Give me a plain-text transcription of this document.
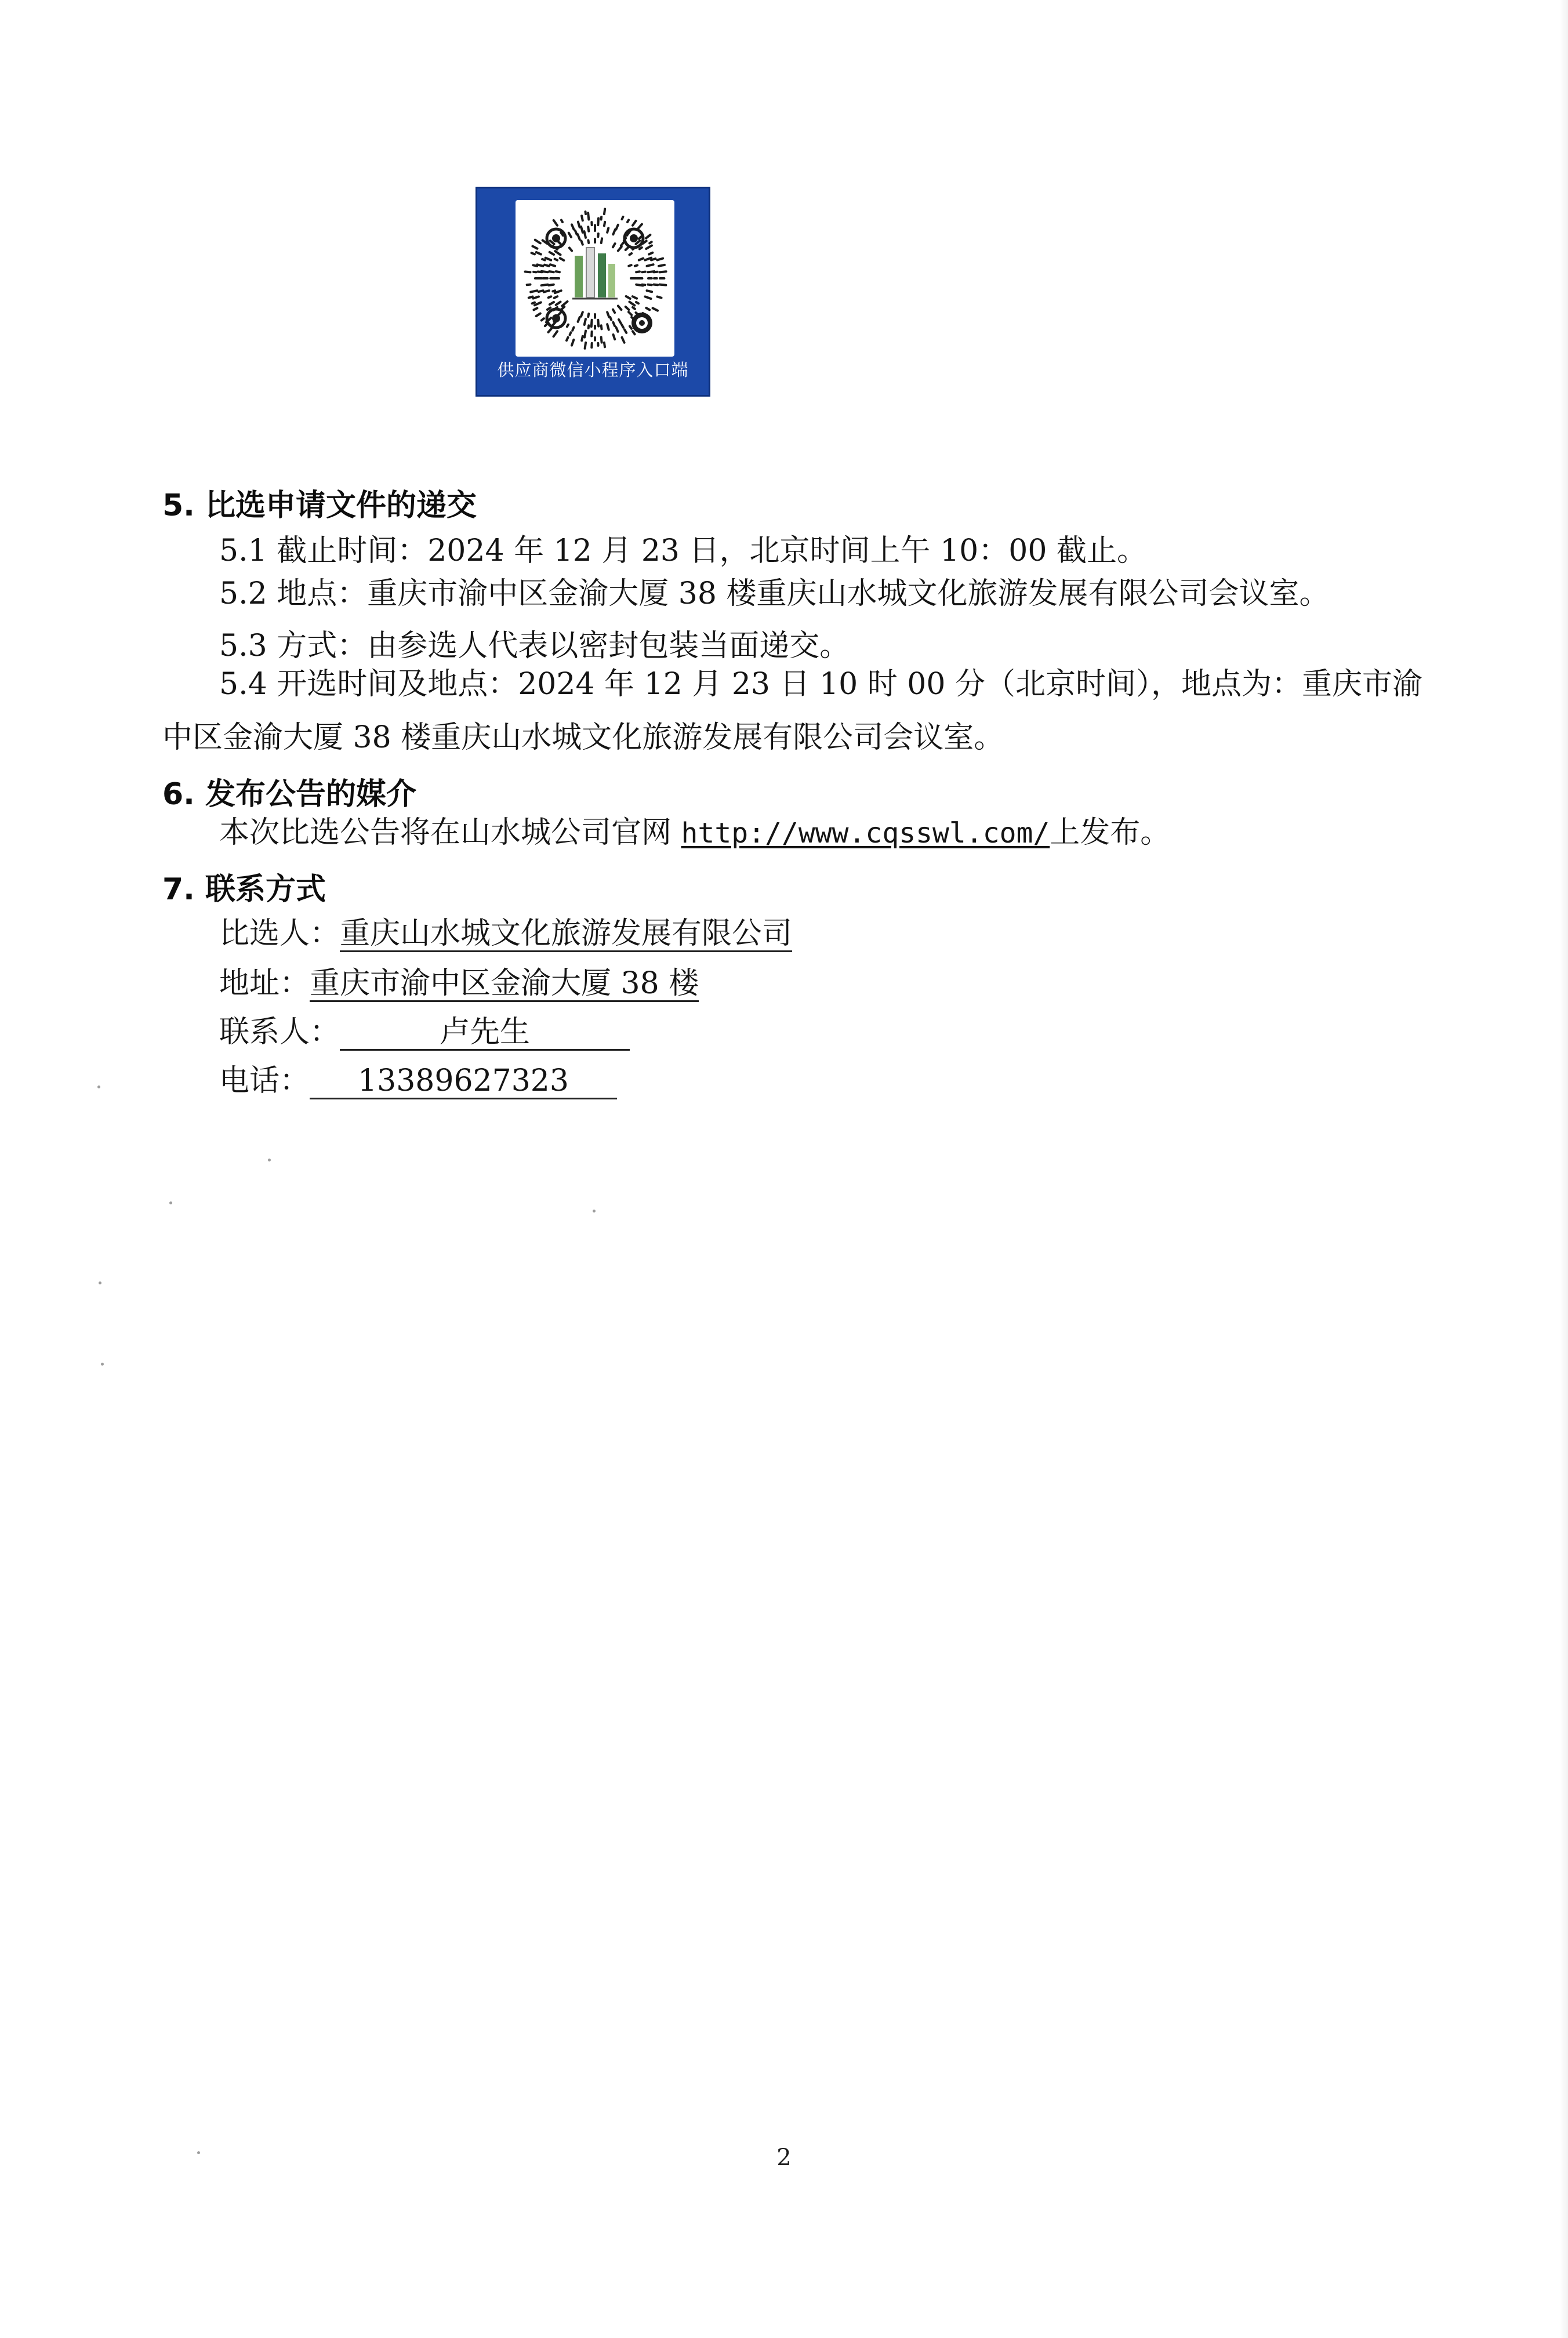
供应商微信小程序入口端
5. 比选申请文件的递交
5.1 截止时间：2024 年 12 月 23 日，北京时间上午 10：00 截止。
5.2 地点：重庆市渝中区金渝大厦 38 楼重庆山水城文化旅游发展有限公司会议室。
5.3 方式：由参选人代表以密封包装当面递交。
5.4 开选时间及地点：2024 年 12 月 23 日 10 时 00 分（北京时间），地点为：重庆市渝
中区金渝大厦 38 楼重庆山水城文化旅游发展有限公司会议室。
6. 发布公告的媒介
本次比选公告将在山水城公司官网 http://www.cqsswl.com/上发布。
7. 联系方式
比选人：重庆山水城文化旅游发展有限公司
地址：重庆市渝中区金渝大厦 38 楼
联系人：	卢先生
电话： 13389627323
2
